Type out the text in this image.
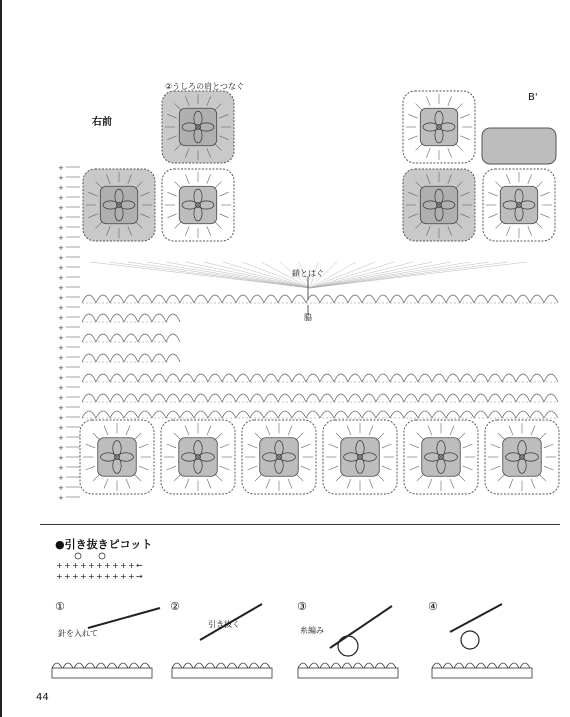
+
+
+
+
+
+
+
+
+
+
+
+
+
+
+
+
+
+
+
+
+
+
+
+
+
+
+
+
+
+
+
+
+
+
+ + + + + + + + + + ←
+ + + + + + + + + + →
右前
②うしろの肩とつなぐ
B'
鎖とはぐ
脇
●引き抜きピコット
①
針を入れて
②
引き抜く
③
糸編み
④
44
